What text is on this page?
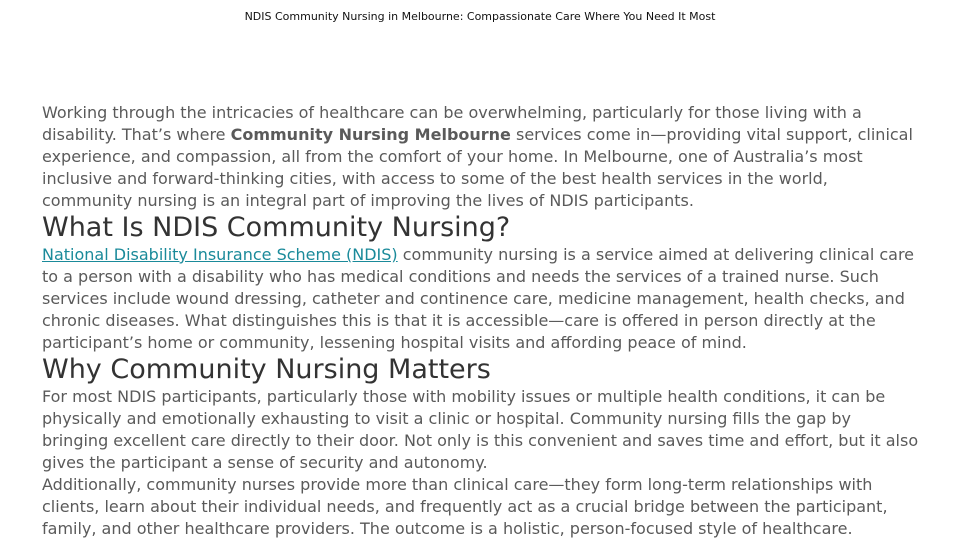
NDIS Community Nursing in Melbourne: Compassionate Care Where You Need It Most

Working through the intricacies of healthcare can be overwhelming, particularly for those living with a disability. That’s where Community Nursing Melbourne services come in—providing vital support, clinical experience, and compassion, all from the comfort of your home. In Melbourne, one of Australia’s most inclusive and forward-thinking cities, with access to some of the best health services in the world, community nursing is an integral part of improving the lives of NDIS participants.

What Is NDIS Community Nursing?

National Disability Insurance Scheme (NDIS) community nursing is a service aimed at delivering clinical care to a person with a disability who has medical conditions and needs the services of a trained nurse. Such services include wound dressing, catheter and continence care, medicine management, health checks, and chronic diseases. What distinguishes this is that it is accessible—care is offered in person directly at the participant’s home or community, lessening hospital visits and affording peace of mind.

Why Community Nursing Matters

For most NDIS participants, particularly those with mobility issues or multiple health conditions, it can be physically and emotionally exhausting to visit a clinic or hospital. Community nursing fills the gap by bringing excellent care directly to their door. Not only is this convenient and saves time and effort, but it also gives the participant a sense of security and autonomy.

Additionally, community nurses provide more than clinical care—they form long-term relationships with clients, learn about their individual needs, and frequently act as a crucial bridge between the participant, family, and other healthcare providers. The outcome is a holistic, person-focused style of healthcare.
